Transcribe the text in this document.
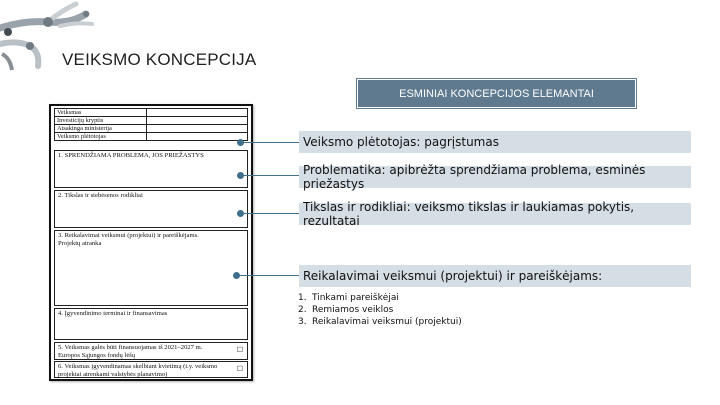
VEIKSMO KONCEPCIJA
ESMINIAI KONCEPCIJOS ELEMANTAI
Veiksmas	
Investicijų kryptis	
Atsakinga ministerija	
Veiksmo plėtotojas	
1. SPRENDŽIAMA PROBLEMA, JOS PRIEŽASTYS
2. Tikslas ir stebėsenos rodikliai
3. Reikalavimai veiksmui (projektui) ir pareiškėjams.
Projektų atranka
4. Įgyvendinimo terminai ir finansavimas
5. Veiksmas galės būti finansuojamas iš 2021–2027 m.
Europos Sąjungos fondų lėšų
☐
6. Veiksmas įgyvendinamas skelbiant kvietimą (t.y. veiksmo
projektai atrenkami valstybės planavimo)
☐
Veiksmo plėtotojas: pagrįstumas
Problematika: apibrėžta sprendžiama problema, esminės priežastys
Tikslas ir rodikliai: veiksmo tikslas ir laukiamas pokytis, rezultatai
Reikalavimai veiksmui (projektui) ir pareiškėjams:
1. Tinkami pareiškėjai
2. Remiamos veiklos
3. Reikalavimai veiksmui (projektui)
